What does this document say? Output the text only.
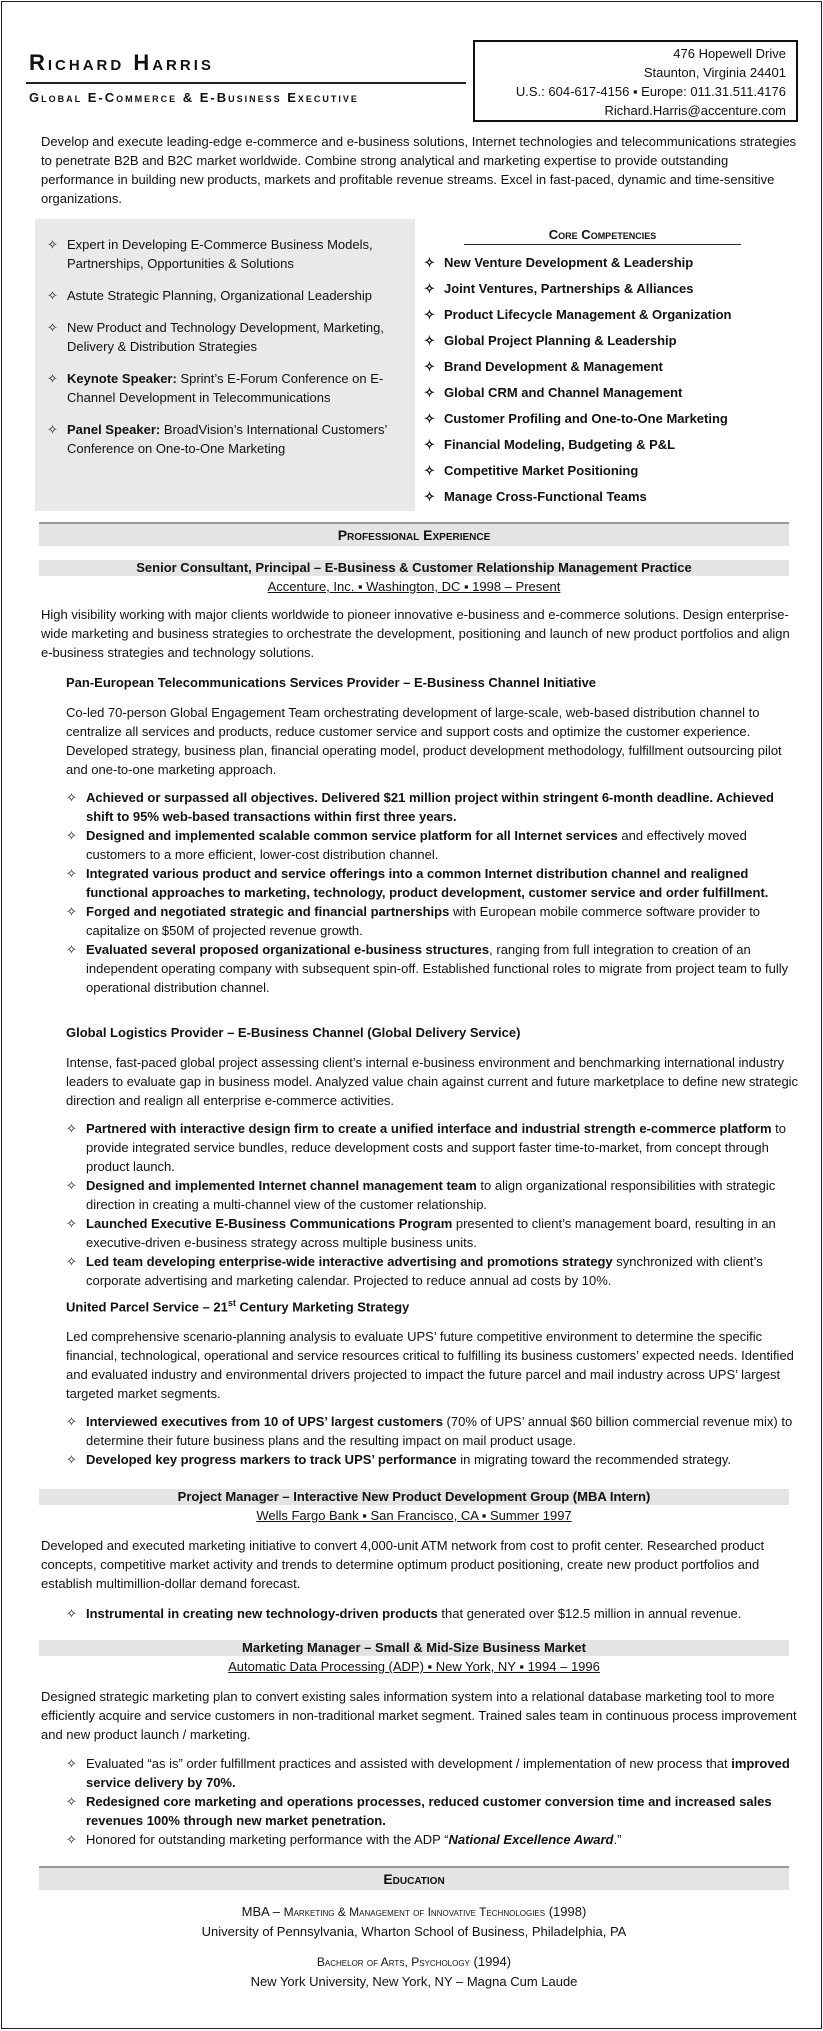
Richard Harris
Global E-Commerce & E-Business Executive
476 Hopewell Drive
Staunton, Virginia 24401
U.S.: 604-617-4156 ▪ Europe: 011.31.511.4176
Richard.Harris@accenture.com

Develop and execute leading-edge e-commerce and e-business solutions, Internet technologies and telecommunications strategies to penetrate B2B and B2C market worldwide. Combine strong analytical and marketing expertise to provide outstanding performance in building new products, markets and profitable revenue streams. Excel in fast-paced, dynamic and time-sensitive organizations.

✧ Expert in Developing E-Commerce Business Models, Partnerships, Opportunities & Solutions
✧ Astute Strategic Planning, Organizational Leadership
✧ New Product and Technology Development, Marketing, Delivery & Distribution Strategies
✧ Keynote Speaker: Sprint’s E-Forum Conference on E-Channel Development in Telecommunications
✧ Panel Speaker: BroadVision’s International Customers’ Conference on One-to-One Marketing
Core Competencies
✧ New Venture Development & Leadership
✧ Joint Ventures, Partnerships & Alliances
✧ Product Lifecycle Management & Organization
✧ Global Project Planning & Leadership
✧ Brand Development & Management
✧ Global CRM and Channel Management
✧ Customer Profiling and One-to-One Marketing
✧ Financial Modeling, Budgeting & P&L
✧ Competitive Market Positioning
✧ Manage Cross-Functional Teams
Professional Experience
Senior Consultant, Principal – E-Business & Customer Relationship Management Practice
Accenture, Inc. ▪ Washington, DC ▪ 1998 – Present

High visibility working with major clients worldwide to pioneer innovative e-business and e-commerce solutions. Design enterprise-wide marketing and business strategies to orchestrate the development, positioning and launch of new product portfolios and align e-business strategies and technology solutions.

Pan-European Telecommunications Services Provider – E-Business Channel Initiative

Co-led 70-person Global Engagement Team orchestrating development of large-scale, web-based distribution channel to centralize all services and products, reduce customer service and support costs and optimize the customer experience. Developed strategy, business plan, financial operating model, product development methodology, fulfillment outsourcing pilot and one-to-one marketing approach.

✧ Achieved or surpassed all objectives. Delivered $21 million project within stringent 6-month deadline. Achieved shift to 95% web-based transactions within first three years.
✧ Designed and implemented scalable common service platform for all Internet services and effectively moved customers to a more efficient, lower-cost distribution channel.
✧ Integrated various product and service offerings into a common Internet distribution channel and realigned functional approaches to marketing, technology, product development, customer service and order fulfillment.
✧ Forged and negotiated strategic and financial partnerships with European mobile commerce software provider to capitalize on $50M of projected revenue growth.
✧ Evaluated several proposed organizational e-business structures, ranging from full integration to creation of an independent operating company with subsequent spin-off. Established functional roles to migrate from project team to fully operational distribution channel.
Global Logistics Provider – E-Business Channel (Global Delivery Service)

Intense, fast-paced global project assessing client’s internal e-business environment and benchmarking international industry leaders to evaluate gap in business model. Analyzed value chain against current and future marketplace to define new strategic direction and realign all enterprise e-commerce activities.

✧ Partnered with interactive design firm to create a unified interface and industrial strength e-commerce platform to provide integrated service bundles, reduce development costs and support faster time-to-market, from concept through product launch.
✧ Designed and implemented Internet channel management team to align organizational responsibilities with strategic direction in creating a multi-channel view of the customer relationship.
✧ Launched Executive E-Business Communications Program presented to client’s management board, resulting in an executive-driven e-business strategy across multiple business units.
✧ Led team developing enterprise-wide interactive advertising and promotions strategy synchronized with client’s corporate advertising and marketing calendar. Projected to reduce annual ad costs by 10%.
United Parcel Service – 21st Century Marketing Strategy

Led comprehensive scenario-planning analysis to evaluate UPS’ future competitive environment to determine the specific financial, technological, operational and service resources critical to fulfilling its business customers’ expected needs. Identified and evaluated industry and environmental drivers projected to impact the future parcel and mail industry across UPS’ largest targeted market segments.

✧ Interviewed executives from 10 of UPS’ largest customers (70% of UPS’ annual $60 billion commercial revenue mix) to determine their future business plans and the resulting impact on mail product usage.
✧ Developed key progress markers to track UPS’ performance in migrating toward the recommended strategy.
Project Manager – Interactive New Product Development Group (MBA Intern)
Wells Fargo Bank ▪ San Francisco, CA ▪ Summer 1997

Developed and executed marketing initiative to convert 4,000-unit ATM network from cost to profit center. Researched product concepts, competitive market activity and trends to determine optimum product positioning, create new product portfolios and establish multimillion-dollar demand forecast.

✧ Instrumental in creating new technology-driven products that generated over $12.5 million in annual revenue.
Marketing Manager – Small & Mid-Size Business Market
Automatic Data Processing (ADP) ▪ New York, NY ▪ 1994 – 1996

Designed strategic marketing plan to convert existing sales information system into a relational database marketing tool to more efficiently acquire and service customers in non-traditional market segment. Trained sales team in continuous process improvement and new product launch / marketing.

✧ Evaluated “as is” order fulfillment practices and assisted with development / implementation of new process that improved service delivery by 70%.
✧ Redesigned core marketing and operations processes, reduced customer conversion time and increased sales revenues 100% through new market penetration.
✧ Honored for outstanding marketing performance with the ADP “National Excellence Award.”
Education
MBA – Marketing & Management of Innovative Technologies (1998)
University of Pennsylvania, Wharton School of Business, Philadelphia, PA
Bachelor of Arts, Psychology (1994)
New York University, New York, NY – Magna Cum Laude
